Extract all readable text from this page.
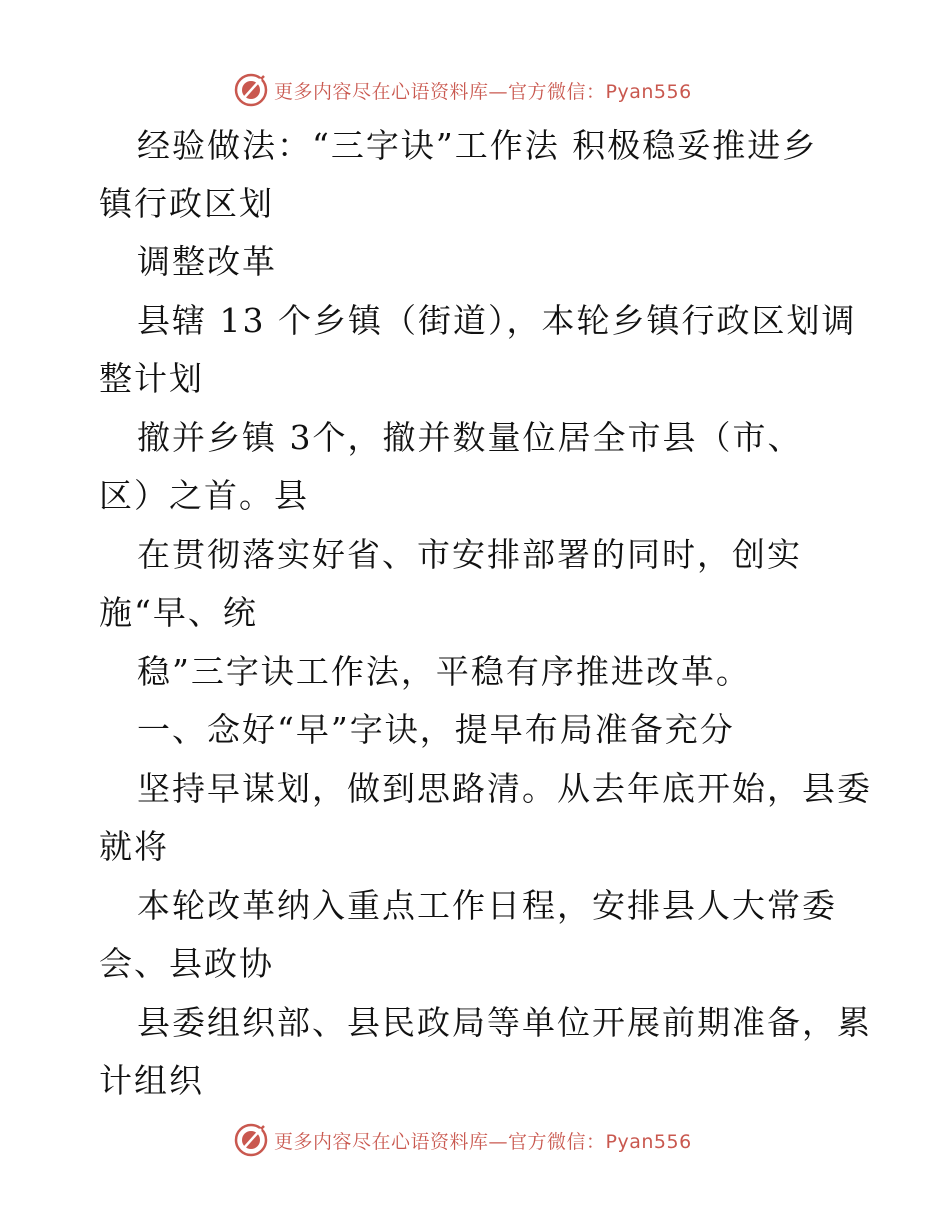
更多内容尽在心语资料库—官方微信：Pyan556
经验做法：“三字诀”工作法 积极稳妥推进乡
镇行政区划
调整改革
县辖 13 个乡镇（街道），本轮乡镇行政区划调
整计划
撤并乡镇 3个，撤并数量位居全市县（市、
区）之首。县
在贯彻落实好省、市安排部署的同时，创实
施“早、统
稳”三字诀工作法，平稳有序推进改革。
一、念好“早”字诀，提早布局准备充分
坚持早谋划，做到思路清。从去年底开始，县委
就将
本轮改革纳入重点工作日程，安排县人大常委
会、县政协
县委组织部、县民政局等单位开展前期准备，累
计组织
更多内容尽在心语资料库—官方微信：Pyan556
